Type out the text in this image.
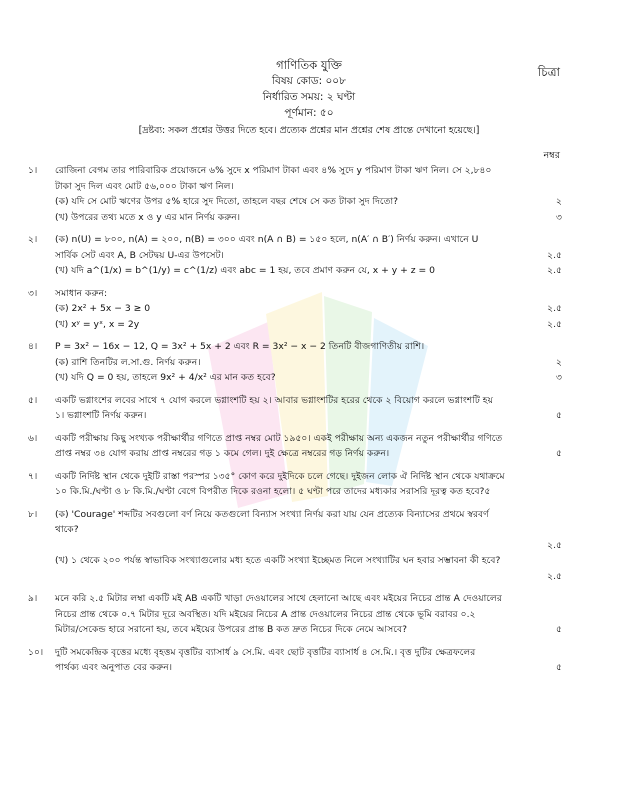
গাণিতিক যুক্তি
বিষয় কোড: ০০৮
নির্ধারিত সময়: ২ ঘণ্টা
পূর্ণমান: ৫০
[দ্রষ্টব্য: সকল প্রশ্নের উত্তর দিতে হবে। প্রত্যেক প্রশ্নের মান প্রশ্নের শেষ প্রান্তে দেখানো হয়েছে।]
চিত্রা
নম্বর
১। রোজিনা বেগম তার পারিবারিক প্রয়োজনে ৬% সুদে x পরিমাণ টাকা এবং ৪% সুদে y পরিমাণ টাকা ঋণ নিল। সে ২,৮৪০
টাকা সুদ দিল এবং মোট ৫৬,০০০ টাকা ঋণ নিল।
(ক) যদি সে মোট ঋণের উপর ৫% হারে সুদ দিতো, তাহলে বছর শেষে সে কত টাকা সুদ দিতো?	২
(খ) উপরের তথ্য মতে x ও y এর মান নির্ণয় করুন।	৩
২। (ক) n(U) = ৮০০, n(A) = ২০০, n(B) = ৩০০ এবং n(A ∩ B) = ১৫০ হলে, n(A′ ∩ B′) নির্ণয় করুন। এখানে U
সার্বিক সেট এবং A, B সেটদ্বয় U-এর উপসেট।	২.৫
(খ) যদি a^(1/x) = b^(1/y) = c^(1/z) এবং abc = 1 হয়, তবে প্রমাণ করুন যে, x + y + z = 0	২.৫
৩। সমাধান করুন:
(ক) 2x² + 5x − 3 ≥ 0	২.৫
(খ) xʸ = yˣ, x = 2y	২.৫
৪। P = 3x² − 16x − 12, Q = 3x² + 5x + 2 এবং R = 3x² − x − 2 তিনটি বীজগাণিতীয় রাশি।
(ক) রাশি তিনটির ল.সা.গু. নির্ণয় করুন।	২
(খ) যদি Q = 0 হয়, তাহলে 9x² + 4/x² এর মান কত হবে?	৩
৫। একটি ভগ্নাংশের লবের সাথে ৭ যোগ করলে ভগ্নাংশটি হয় ২। আবার ভগ্নাংশটির হরের থেকে ২ বিয়োগ করলে ভগ্নাংশটি হয়
১। ভগ্নাংশটি নির্ণয় করুন।	৫
৬। একটি পরীক্ষায় কিছু সংখ্যক পরীক্ষার্থীর গণিতে প্রাপ্ত নম্বর মোট ১৯৫০। একই পরীক্ষায় অন্য একজন নতুন পরীক্ষার্থীর গণিতে
প্রাপ্ত নম্বর ৩৪ যোগ করায় প্রাপ্ত নম্বরের গড় ১ কমে গেল। দুই ক্ষেত্রে নম্বরের গড় নির্ণয় করুন।	৫
৭। একটি নির্দিষ্ট স্থান থেকে দুইটি রাস্তা পরস্পর ১৩৫° কোণ করে দুইদিকে চলে গেছে। দুইজন লোক ঐ নির্দিষ্ট স্থান থেকে যথাক্রমে
১০ কি.মি./ঘণ্টা ও ৮ কি.মি./ঘণ্টা বেগে বিপরীত দিকে রওনা হলো। ৫ ঘণ্টা পরে তাদের মধ্যকার সরাসরি দূরত্ব কত হবে?৫
৮। (ক) 'Courage' শব্দটির সবগুলো বর্ণ নিয়ে কতগুলো বিন্যাস সংখ্যা নির্ণয় করা যায় যেন প্রত্যেক বিন্যাসের প্রথমে স্বরবর্ণ
থাকে?
২.৫

(খ) ১ থেকে ২০০ পর্যন্ত স্বাভাবিক সংখ্যাগুলোর মধ্য হতে একটি সংখ্যা ইচ্ছেমত নিলে সংখ্যাটির ঘন হবার সম্ভাবনা কী হবে?
২.৫

৯। মনে করি ২.৫ মিটার লম্বা একটি মই AB একটি খাড়া দেওয়ালের সাথে হেলানো আছে এবং মইয়ের নিচের প্রান্ত A দেওয়ালের
নিচের প্রান্ত থেকে ০.৭ মিটার দূরে অবস্থিত। যদি মইয়ের নিচের A প্রান্ত দেওয়ালের নিচের প্রান্ত থেকে ভূমি বরাবর ০.২
মিটার/সেকেন্ড হারে সরানো হয়, তবে মইয়ের উপরের প্রান্ত B কত দ্রুত নিচের দিকে নেমে আসবে?	৫
১০। দুটি সমকেন্দ্রিক বৃত্তের মধ্যে বৃহত্তম বৃত্তটির ব্যাসার্ধ ৯ সে.মি. এবং ছোট বৃত্তটির ব্যাসার্ধ ৪ সে.মি.। বৃত্ত দুটির ক্ষেত্রফলের
পার্থক্য এবং অনুপাত বের করুন।	৫
